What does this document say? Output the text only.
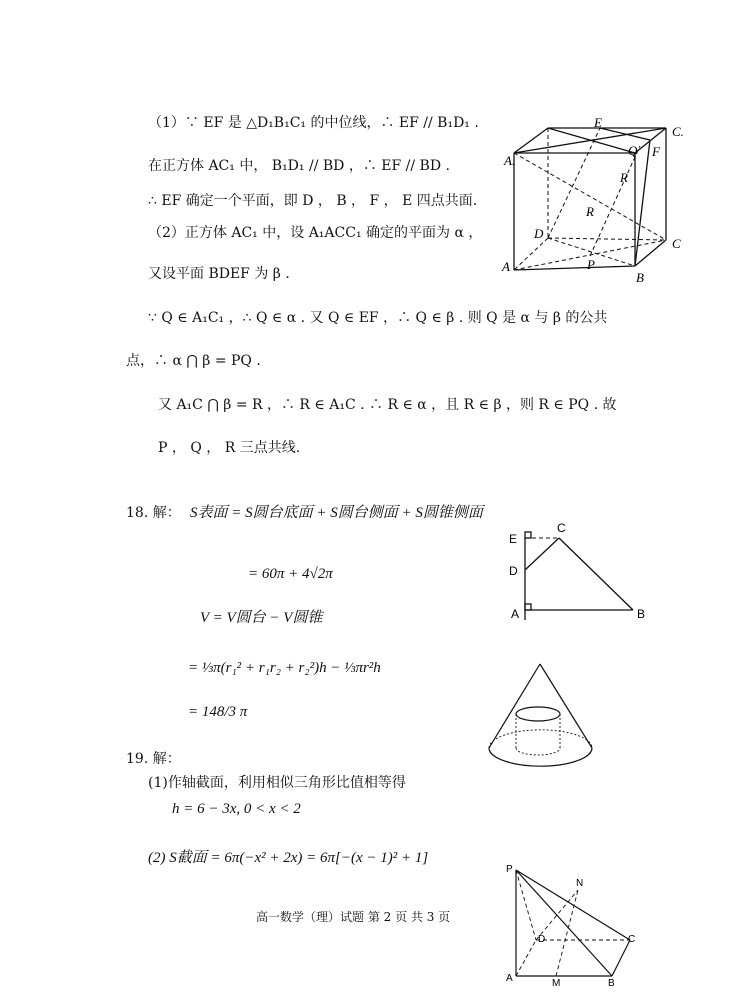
（1）∵ EF 是 △D₁B₁C₁ 的中位线，∴ EF // B₁D₁ .
在正方体 AC₁ 中， B₁D₁ // BD ，∴ EF // BD .
∴ EF 确定一个平面，即 D ， B ， F ， E 四点共面.
（2）正方体 AC₁ 中，设 A₁ACC₁ 确定的平面为 α ，
又设平面 BDEF 为 β .
∵ Q ∈ A₁C₁ ，∴ Q ∈ α . 又 Q ∈ EF ，∴ Q ∈ β . 则 Q 是 α 与 β 的公共
点，∴ α ⋂ β = PQ .
又 A₁C ⋂ β = R ，∴ R ∈ A₁C . ∴ R ∈ α ，且 R ∈ β ，则 R ∈ PQ . 故
P ， Q ， R 三点共线.
18. 解： S表面 = S圆台底面 + S圆台侧面 + S圆锥侧面
= 60π + 4√2π
V = V圆台 − V圆锥
= ⅓π(r₁² + r₁r₂ + r₂²)h − ⅓πr²h
= 148/3 π
19. 解：
(1)作轴截面，利用相似三角形比值相等得
h = 6 − 3x, 0 < x < 2
(2) S截面 = 6π(−x² + 2x) = 6π[−(x − 1)² + 1]
高一数学（理）试题 第 2 页 共 3 页
E
C.
Q F
A.
R
R
D
C
A	P
B
E
C
D
A	B
P
N
D	C
A	M	B
